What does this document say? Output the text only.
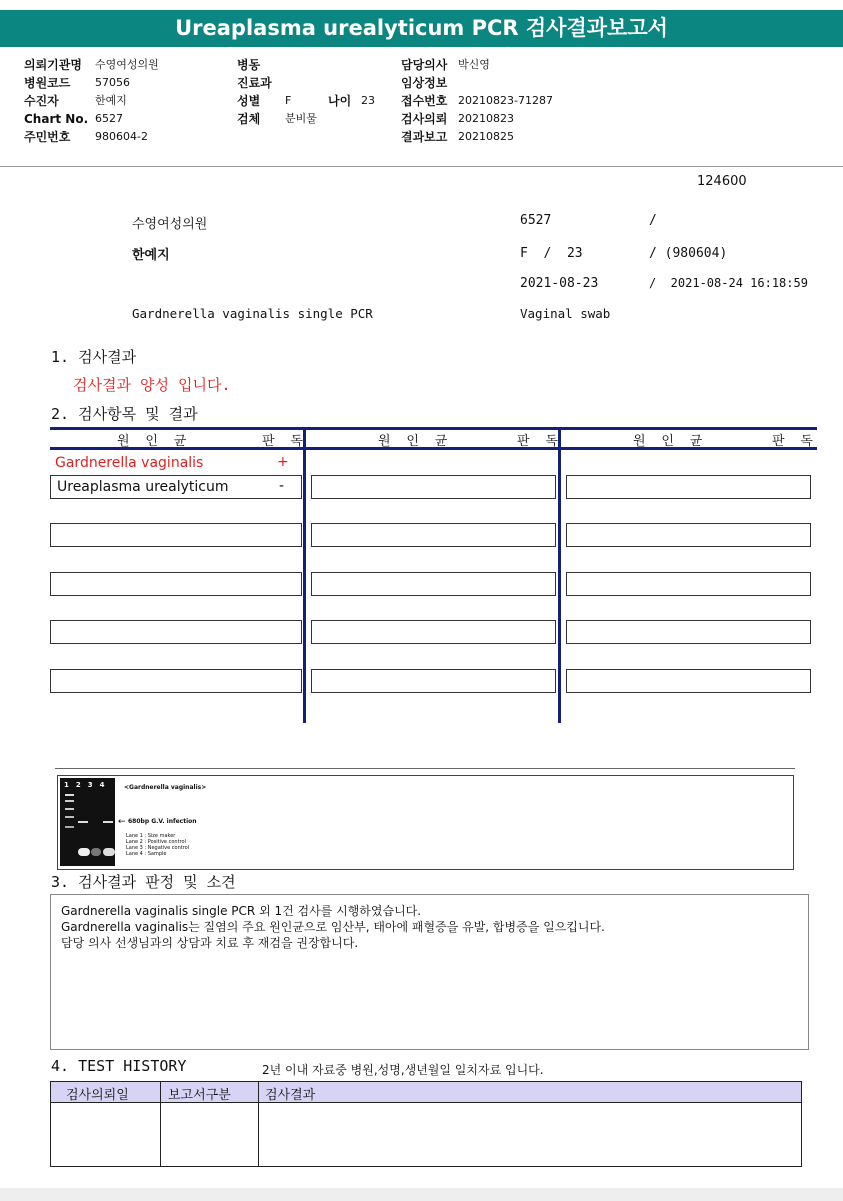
Ureaplasma urealyticum PCR 검사결과보고서
의뢰기관명 수영여성의원
병원코드 57056
수진자	한예지
Chart No. 6527
주민번호 980604-2
병동
진료과
성별 F	나이 23
검체 분비물
담당의사 박신영
임상정보
접수번호 20210823-71287
검사의뢰 20210823
결과보고 20210825
124600
수영여성의원	6527	/
한예지	F  /  23	/ (980604)
2021-08-23	/  2021-08-24 16:18:59
Gardnerella vaginalis single PCR	Vaginal swab
1. 검사결과
검사결과 양성 입니다.
2. 검사항목 및 결과
원 인 균	판 독	원 인 균	판 독	원 인 균	판 독
Gardnerella vaginalis	+
Ureaplasma urealyticum	-
1234	<Gardnerella vaginalis>
← 680bp G.V. infection
Lane 1 : Size maker
Lane 2 : Positive control
Lane 3 : Negative control
Lane 4 : Sample
3. 검사결과 판정 및 소견
Gardnerella vaginalis single PCR 외 1건 검사를 시행하였습니다.
Gardnerella vaginalis는 질염의 주요 원인균으로 임산부, 태아에 패혈증을 유발, 합병증을 일으킵니다.
담당 의사 선생님과의 상담과 치료 후 재검을 권장합니다.
4. TEST HISTORY	2년 이내 자료중 병원,성명,생년월일 일치자료 입니다.
검사의뢰일	보고서구분	검사결과
